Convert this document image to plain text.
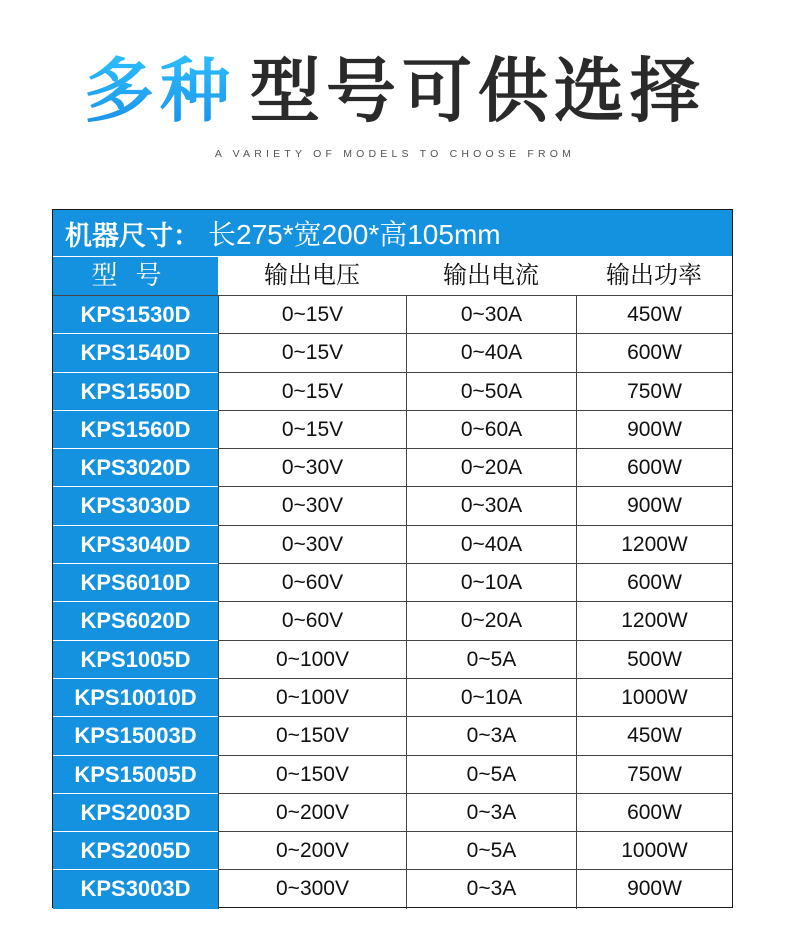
多种 型号可供选择
A VARIETY OF MODELS TO CHOOSE FROM
机器尺寸： 长275*宽200*高105mm
型号	输出电压	输出电流	输出功率
KPS1530D	0~15V	0~30A	450W
KPS1540D	0~15V	0~40A	600W
KPS1550D	0~15V	0~50A	750W
KPS1560D	0~15V	0~60A	900W
KPS3020D	0~30V	0~20A	600W
KPS3030D	0~30V	0~30A	900W
KPS3040D	0~30V	0~40A	1200W
KPS6010D	0~60V	0~10A	600W
KPS6020D	0~60V	0~20A	1200W
KPS1005D	0~100V	0~5A	500W
KPS10010D	0~100V	0~10A	1000W
KPS15003D	0~150V	0~3A	450W
KPS15005D	0~150V	0~5A	750W
KPS2003D	0~200V	0~3A	600W
KPS2005D	0~200V	0~5A	1000W
KPS3003D	0~300V	0~3A	900W
